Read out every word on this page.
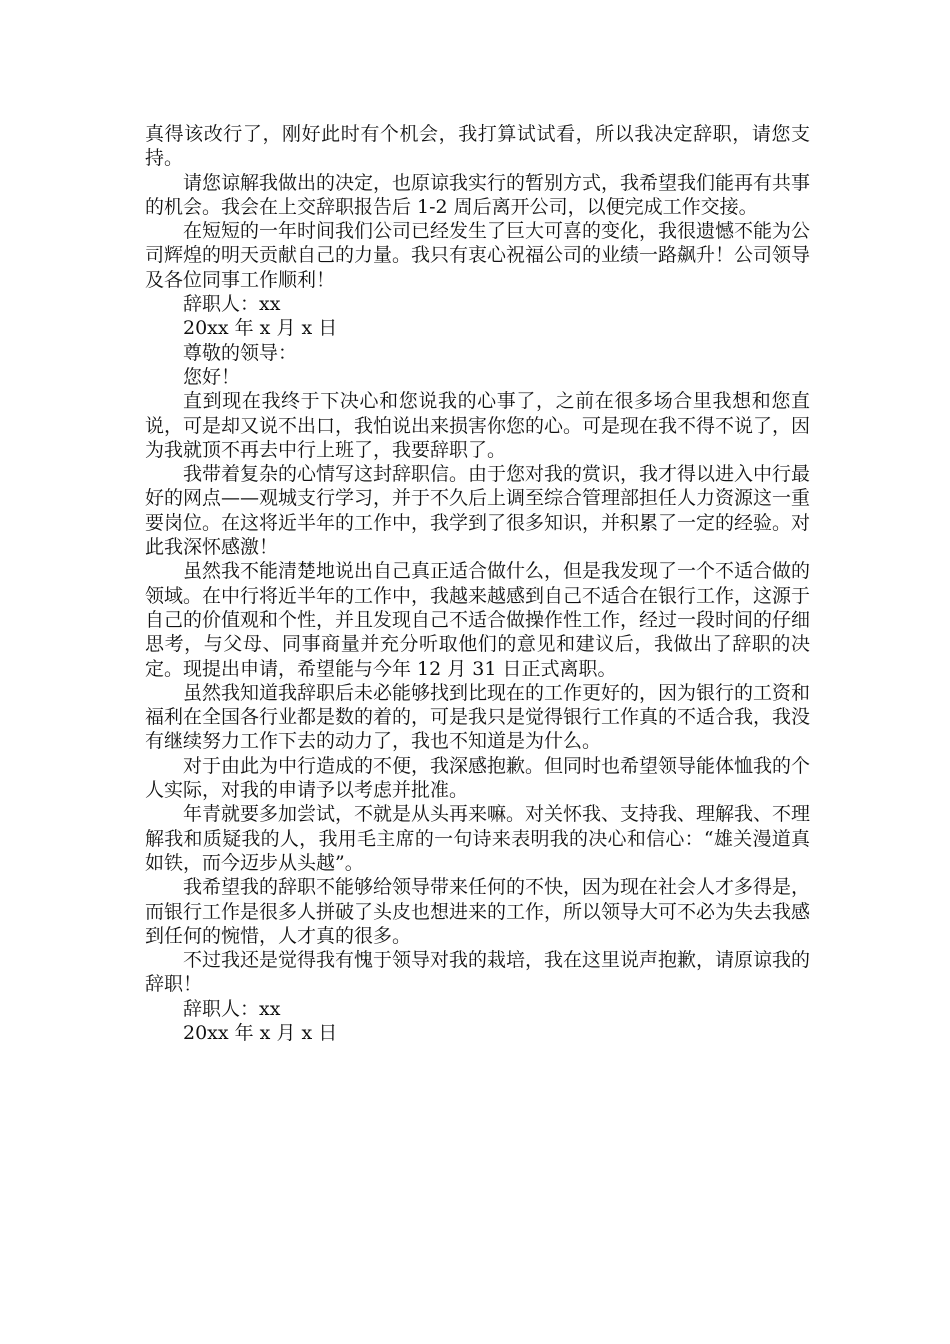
真得该改行了，刚好此时有个机会，我打算试试看，所以我决定辞职，请您支持。

请您谅解我做出的决定，也原谅我实行的暂别方式，我希望我们能再有共事的机会。我会在上交辞职报告后 1-2 周后离开公司，以便完成工作交接。

在短短的一年时间我们公司已经发生了巨大可喜的变化，我很遗憾不能为公司辉煌的明天贡献自己的力量。我只有衷心祝福公司的业绩一路飙升！公司领导及各位同事工作顺利！

辞职人：xx

20xx 年 x 月 x 日

尊敬的领导：

您好！

直到现在我终于下决心和您说我的心事了，之前在很多场合里我想和您直说，可是却又说不出口，我怕说出来损害你您的心。可是现在我不得不说了，因为我就顶不再去中行上班了，我要辞职了。

我带着复杂的心情写这封辞职信。由于您对我的赏识，我才得以进入中行最好的网点——观城支行学习，并于不久后上调至综合管理部担任人力资源这一重要岗位。在这将近半年的工作中，我学到了很多知识，并积累了一定的经验。对此我深怀感激！

虽然我不能清楚地说出自己真正适合做什么，但是我发现了一个不适合做的领域。在中行将近半年的工作中，我越来越感到自己不适合在银行工作，这源于自己的价值观和个性，并且发现自己不适合做操作性工作，经过一段时间的仔细思考，与父母、同事商量并充分听取他们的意见和建议后，我做出了辞职的决定。现提出申请，希望能与今年 12 月 31 日正式离职。

虽然我知道我辞职后未必能够找到比现在的工作更好的，因为银行的工资和福利在全国各行业都是数的着的，可是我只是觉得银行工作真的不适合我，我没有继续努力工作下去的动力了，我也不知道是为什么。

对于由此为中行造成的不便，我深感抱歉。但同时也希望领导能体恤我的个人实际，对我的申请予以考虑并批准。

年青就要多加尝试，不就是从头再来嘛。对关怀我、支持我、理解我、不理解我和质疑我的人，我用毛主席的一句诗来表明我的决心和信心：“雄关漫道真如铁，而今迈步从头越”。

我希望我的辞职不能够给领导带来任何的不快，因为现在社会人才多得是，而银行工作是很多人拼破了头皮也想进来的工作，所以领导大可不必为失去我感到任何的惋惜，人才真的很多。

不过我还是觉得我有愧于领导对我的栽培，我在这里说声抱歉，请原谅我的辞职！

辞职人：xx

20xx 年 x 月 x 日
